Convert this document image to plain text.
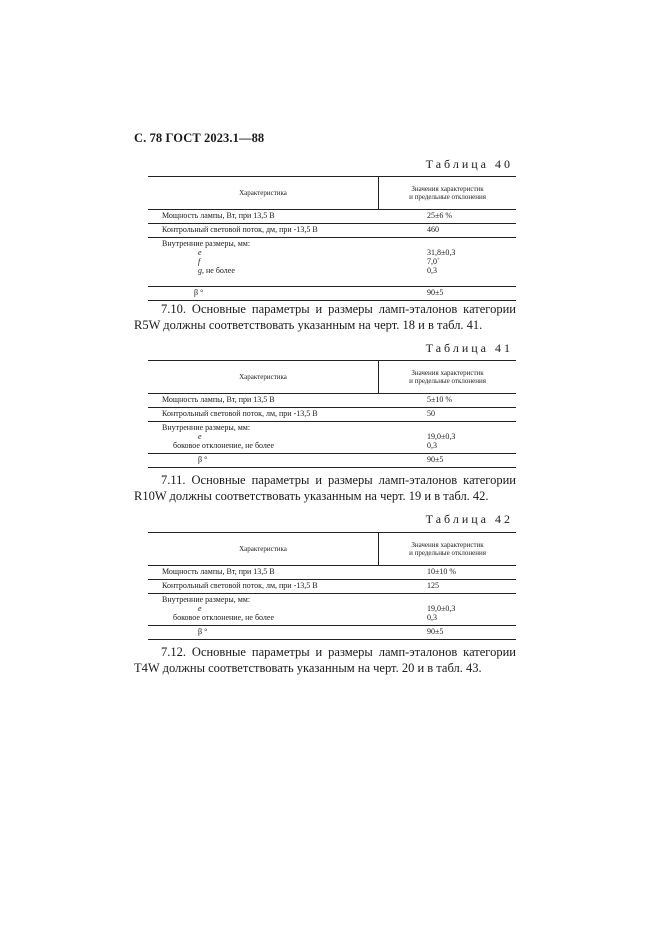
С. 78 ГОСТ 2023.1—88
Таблица 40
Характеристика
Значения характеристик
и предельные отклонения
Мощность лампы, Вт, при 13,5 В	25±6 %
Контрольный световой поток, дм, при -13,5 В	460
Внутренние размеры, мм:
e	31,8±0,3
f	7,0+
g, не более	0,3
β °	90±5
7.10. Основные параметры и размеры ламп-эталонов категории R5W должны соответствовать указанным на черт. 18 и в табл. 41.
Таблица 41
Характеристика
Значения характеристик
и предельные отклонения
Мощность лампы, Вт, при 13,5 В	5±10 %
Контрольный световой поток, лм, при -13,5 В	50
Внутренние размеры, мм:
e	19,0±0,3
боковое отклонение, не более	0,3
β °	90±5
7.11. Основные параметры и размеры ламп-эталонов категории R10W должны соответствовать указанным на черт. 19 и в табл. 42.
Таблица 42
Характеристика
Значения характеристик
и предельные отклонения
Мощность лампы, Вт, при 13,5 В	10±10 %
Контрольный световой поток, лм, при -13,5 В	125
Внутренние размеры, мм:
e	19,0±0,3
боковое отклонение, не более	0,3
β °	90±5
7.12. Основные параметры и размеры ламп-эталонов категории T4W должны соответствовать указанным на черт. 20 и в табл. 43.
